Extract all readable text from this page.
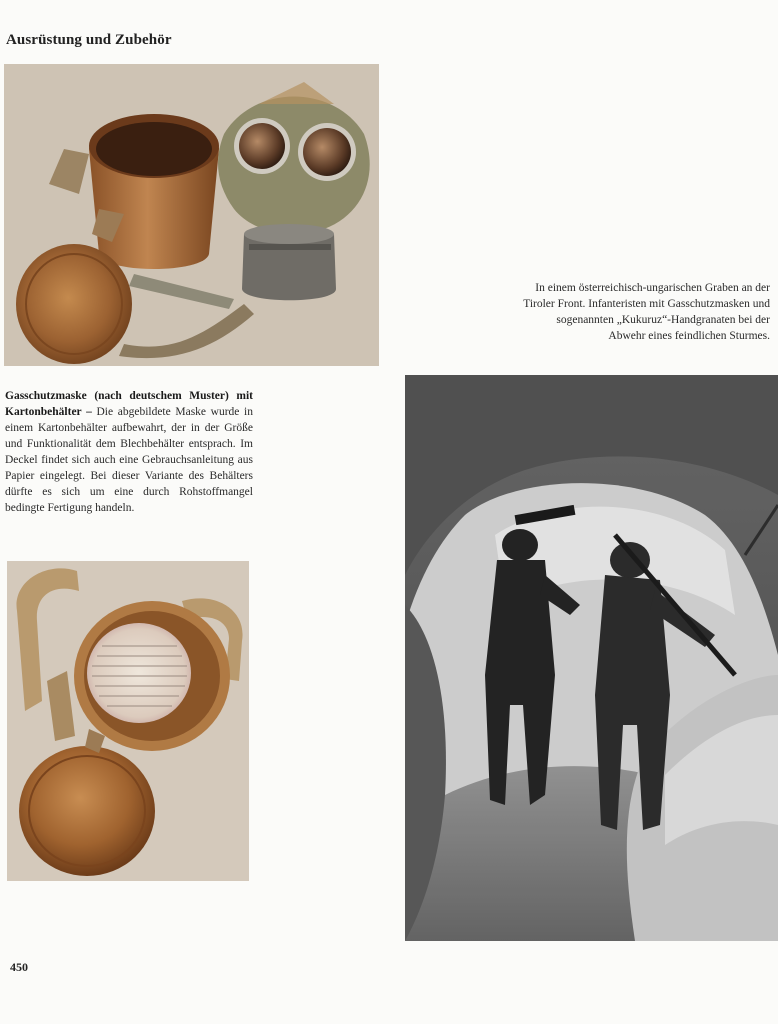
Ausrüstung und Zubehör
Gasschutzmaske (nach deutschem Muster) mit Kartonbehälter – Die abgebildete Maske wurde in einem Kartonbehälter aufbewahrt, der in der Größe und Funktionalität dem Blechbehälter entsprach. Im Deckel findet sich auch eine Gebrauchsanleitung aus Papier eingelegt. Bei dieser Variante des Behälters dürfte es sich um eine durch Rohstoffmangel bedingte Fertigung handeln.
In einem österreichisch-ungarischen Graben an der Tiroler Front. Infanteristen mit Gasschutzmasken und sogenannten „Kukuruz“-Handgranaten bei der Abwehr eines feindlichen Sturmes.
450
